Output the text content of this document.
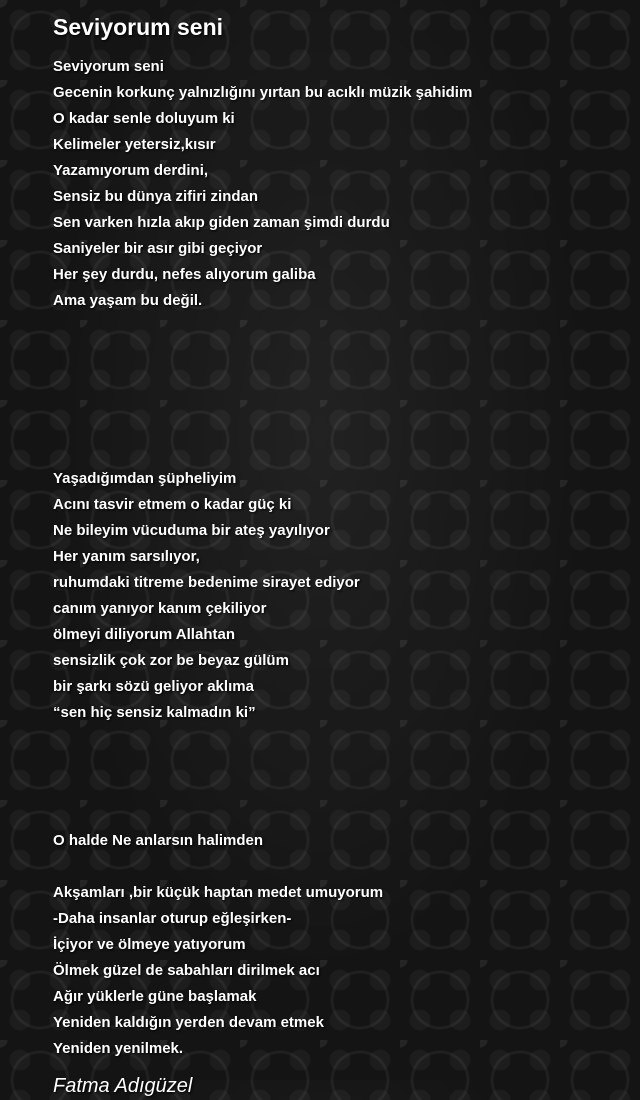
Seviyorum seni
Seviyorum seni
Gecenin korkunç yalnızlığını yırtan bu acıklı müzik şahidim
O kadar senle doluyum ki
Kelimeler yetersiz,kısır
Yazamıyorum derdini,
Sensiz bu dünya zifiri zindan
Sen varken hızla akıp giden zaman şimdi durdu
Saniyeler bir asır gibi geçiyor
Her şey durdu, nefes alıyorum galiba
Ama yaşam bu değil.
Yaşadığımdan şüpheliyim
Acını tasvir etmem o kadar güç ki
Ne bileyim vücuduma bir ateş yayılıyor
Her yanım sarsılıyor,
ruhumdaki titreme bedenime sirayet ediyor
canım yanıyor kanım çekiliyor
ölmeyi diliyorum Allahtan
sensizlik çok zor be beyaz gülüm
bir şarkı sözü geliyor aklıma
“sen hiç sensiz kalmadın ki”
O halde Ne anlarsın halimden
Akşamları ,bir küçük haptan medet umuyorum
-Daha insanlar oturup eğleşirken-
İçiyor ve ölmeye yatıyorum
Ölmek güzel de sabahları dirilmek acı
Ağır yüklerle güne başlamak
Yeniden kaldığın yerden devam etmek
Yeniden yenilmek.
Fatma Adıgüzel
